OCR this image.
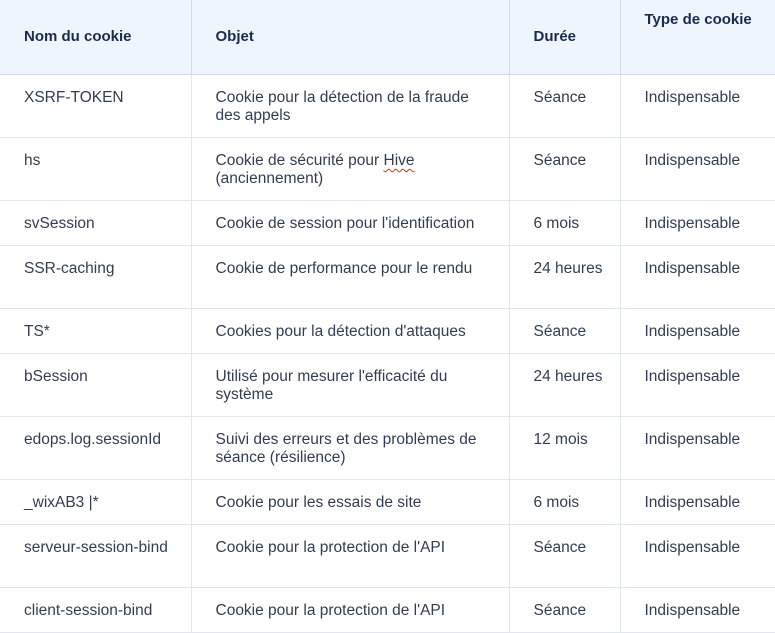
Nom du cookie	Objet	Durée	Type de cookie
XSRF-TOKEN	Cookie pour la détection de la fraude des appels	Séance	Indispensable
hs	Cookie de sécurité pour Hive (anciennement)	Séance	Indispensable
svSession	Cookie de session pour l'identification	6 mois	Indispensable
SSR-caching	Cookie de performance pour le rendu	24 heures	Indispensable
TS*	Cookies pour la détection d'attaques	Séance	Indispensable
bSession	Utilisé pour mesurer l'efficacité du système	24 heures	Indispensable
edops.log.sessionId	Suivi des erreurs et des problèmes de séance (résilience)	12 mois	Indispensable
_wixAB3 |*	Cookie pour les essais de site	6 mois	Indispensable
serveur-session-bind	Cookie pour la protection de l'API	Séance	Indispensable
client-session-bind	Cookie pour la protection de l'API	Séance	Indispensable
